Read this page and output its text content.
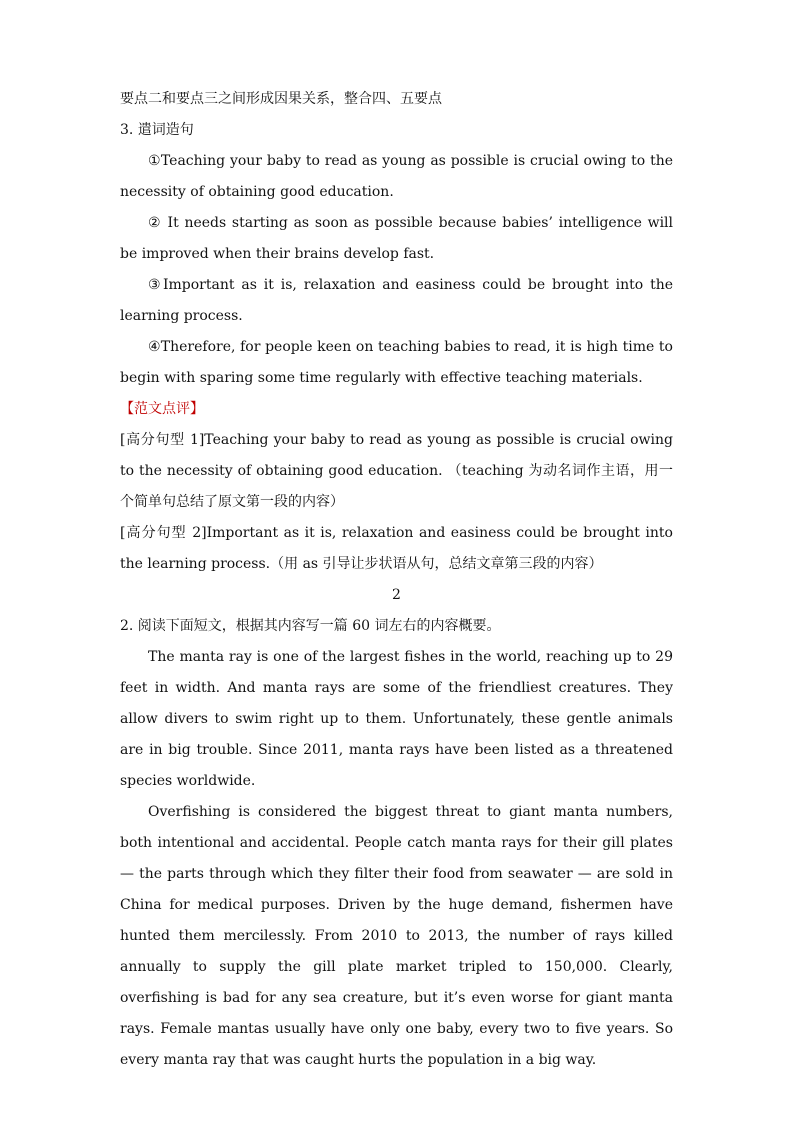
要点二和要点三之间形成因果关系，整合四、五要点

3. 遣词造句

①Teaching your baby to read as young as possible is crucial owing to the necessity of obtaining good education.

② It needs starting as soon as possible because babies’ intelligence will be improved when their brains develop fast.

③Important as it is, relaxation and easiness could be brought into the learning process.

④Therefore, for people keen on teaching babies to read, it is high time to begin with sparing some time regularly with effective teaching materials.

【范文点评】

[高分句型 1]Teaching your baby to read as young as possible is crucial owing to the necessity of obtaining good education. （teaching 为动名词作主语，用一个简单句总结了原文第一段的内容）

[高分句型 2]Important as it is, relaxation and easiness could be brought into the learning process.（用 as 引导让步状语从句，总结文章第三段的内容）

2

2. 阅读下面短文，根据其内容写一篇 60 词左右的内容概要。

The manta ray is one of the largest fishes in the world, reaching up to 29 feet in width. And manta rays are some of the friendliest creatures. They allow divers to swim right up to them. Unfortunately, these gentle animals are in big trouble. Since 2011, manta rays have been listed as a threatened species worldwide.

Overfishing is considered the biggest threat to giant manta numbers, both intentional and accidental. People catch manta rays for their gill plates — the parts through which they filter their food from seawater — are sold in China for medical purposes. Driven by the huge demand, fishermen have hunted them mercilessly. From 2010 to 2013, the number of rays killed annually to supply the gill plate market tripled to 150,000. Clearly, overfishing is bad for any sea creature, but it’s even worse for giant manta rays. Female mantas usually have only one baby, every two to five years. So every manta ray that was caught hurts the population in a big way.
